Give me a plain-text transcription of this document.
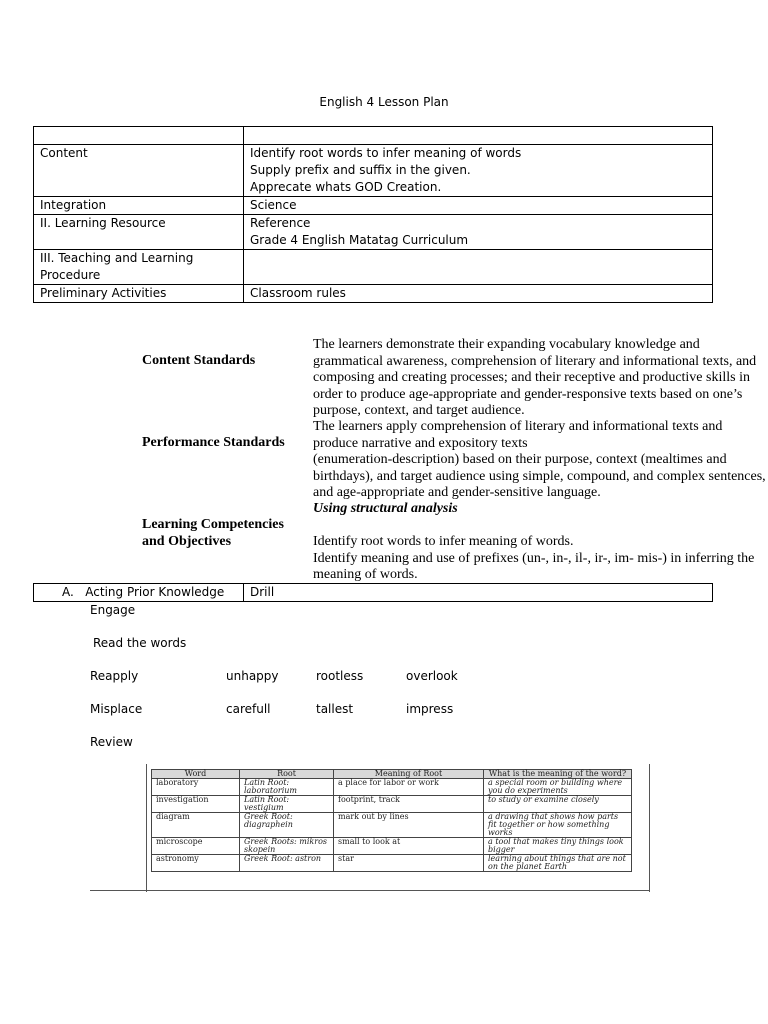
English 4 Lesson Plan

Content	Identify root words to infer meaning of words
Supply prefix and suffix in the given.
Apprecate whats GOD Creation.

Integration	Science
II. Learning Resource	Reference
Grade 4 English Matatag Curriculum

III. Teaching and Learning Procedure	
Preliminary Activities	Classroom rules
Content Standards
The learners demonstrate their expanding vocabulary knowledge and grammatical awareness, comprehension of literary and informational texts, and composing and creating processes; and their receptive and productive skills in order to produce age-appropriate and gender-responsive texts based on one’s purpose, context, and target audience.
Performance Standards
The learners apply comprehension of literary and informational texts and produce narrative and expository texts
(enumeration-description) based on their purpose, context (mealtimes and birthdays), and target audience using simple, compound, and complex sentences, and age-appropriate and gender-sensitive language.
Using structural analysis
Learning Competencies
and Objectives	Identify root words to infer meaning of words.
Identify meaning and use of prefixes (un-, in-, il-, ir-, im- mis-) in inferring the meaning of words.
A. Acting Prior Knowledge	Drill
Engage
Read the words
Reapply	unhappy	rootless	overlook
Misplace	carefull	tallest	impress
Review
Word	Root	Meaning of Root	What is the meaning of the word?
laboratory	Latin Root: laboratorium	a place for labor or work	a special room or building where you do experiments
investigation	Latin Root: vestigium	footprint, track	to study or examine closely
diagram	Greek Root: diagraphein	mark out by lines	a drawing that shows how parts fit together or how something works
microscope	Greek Roots: mikros skopein	small to look at	a tool that makes tiny things look bigger
astronomy	Greek Root: astron	star	learning about things that are not on the planet Earth
